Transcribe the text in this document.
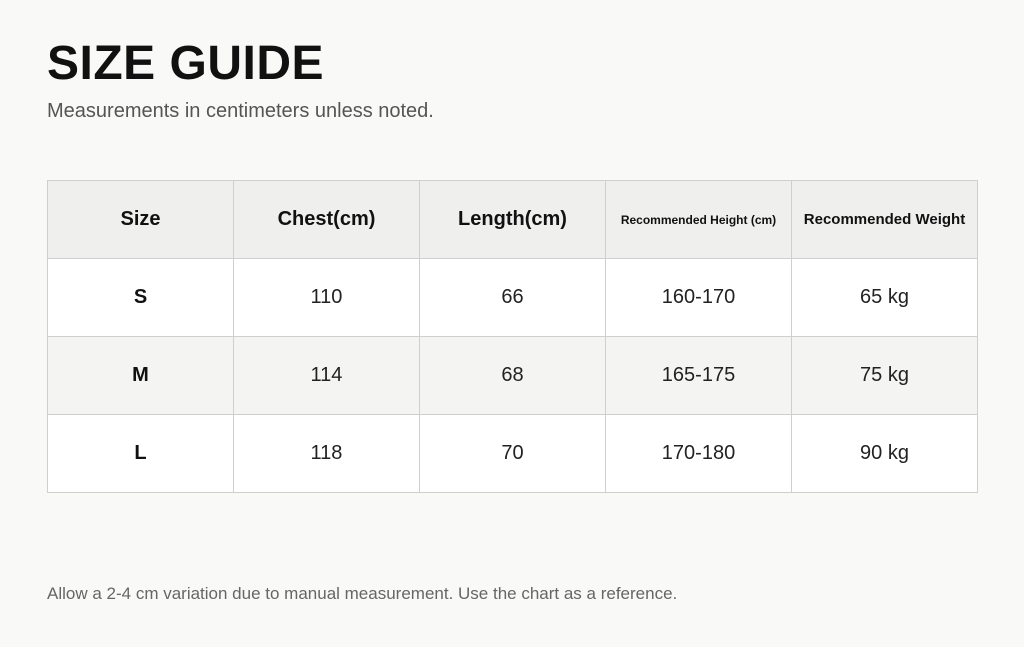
SIZE GUIDE
Measurements in centimeters unless noted.
Size	Chest(cm)	Length(cm)	Recommended Height (cm)	Recommended Weight
S	110	66	160-170	65 kg
M	114	68	165-175	75 kg
L	118	70	170-180	90 kg
Allow a 2-4 cm variation due to manual measurement. Use the chart as a reference.
